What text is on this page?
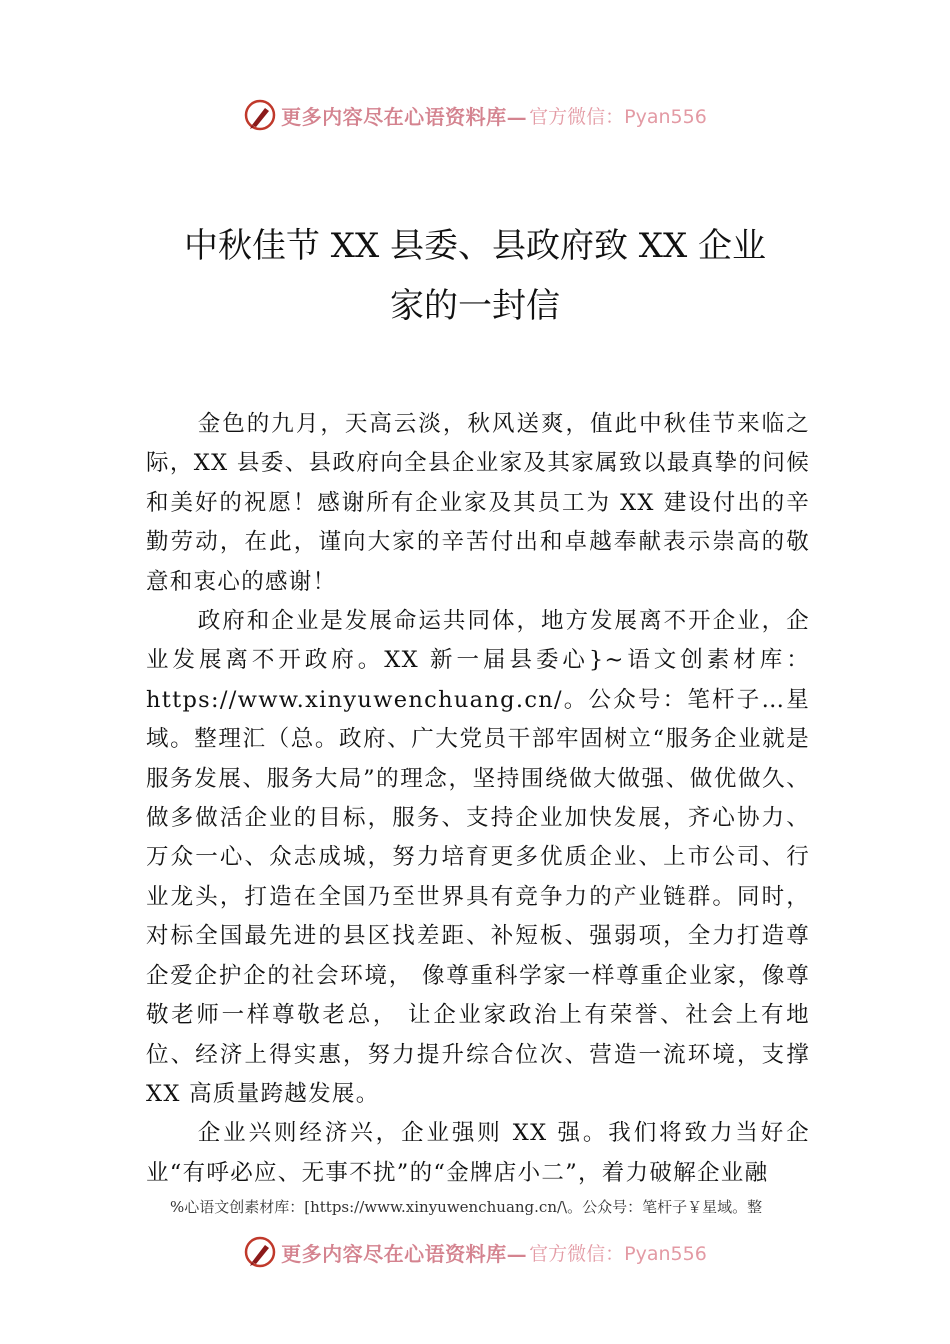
更多内容尽在心语资料库— 官方微信：Pyan556
中秋佳节 XX 县委、县政府致 XX 企业
家的一封信

金色的九月，天高云淡，秋风送爽，值此中秋佳节来临之际，XX 县委、县政府向全县企业家及其家属致以最真挚的问候和美好的祝愿！感谢所有企业家及其员工为 XX 建设付出的辛勤劳动，在此，谨向大家的辛苦付出和卓越奉献表示崇高的敬意和衷心的感谢！

政府和企业是发展命运共同体，地方发展离不开企业，企业发展离不开政府。XX 新一届县委心}~语文创素材库：https://www.xinyuwenchuang.cn/。公众号：笔杆子…星域。整理汇（总。政府、广大党员干部牢固树立“服务企业就是服务发展、服务大局”的理念，坚持围绕做大做强、做优做久、做多做活企业的目标，服务、支持企业加快发展，齐心协力、万众一心、众志成城，努力培育更多优质企业、上市公司、行业龙头，打造在全国乃至世界具有竞争力的产业链群。同时，对标全国最先进的县区找差距、补短板、强弱项，全力打造尊企爱企护企的社会环境， 像尊重科学家一样尊重企业家，像尊敬老师一样尊敬老总， 让企业家政治上有荣誉、社会上有地位、经济上得实惠，努力提升综合位次、营造一流环境，支撑 XX 高质量跨越发展。

企业兴则经济兴，企业强则 XX 强。我们将致力当好企业“有呼必应、无事不扰”的“金牌店小二”，着力破解企业融

%心语文创素材库：[https://www.xinyuwenchuang.cn/\。公众号：笔杆子￥星域。整
更多内容尽在心语资料库— 官方微信：Pyan556
